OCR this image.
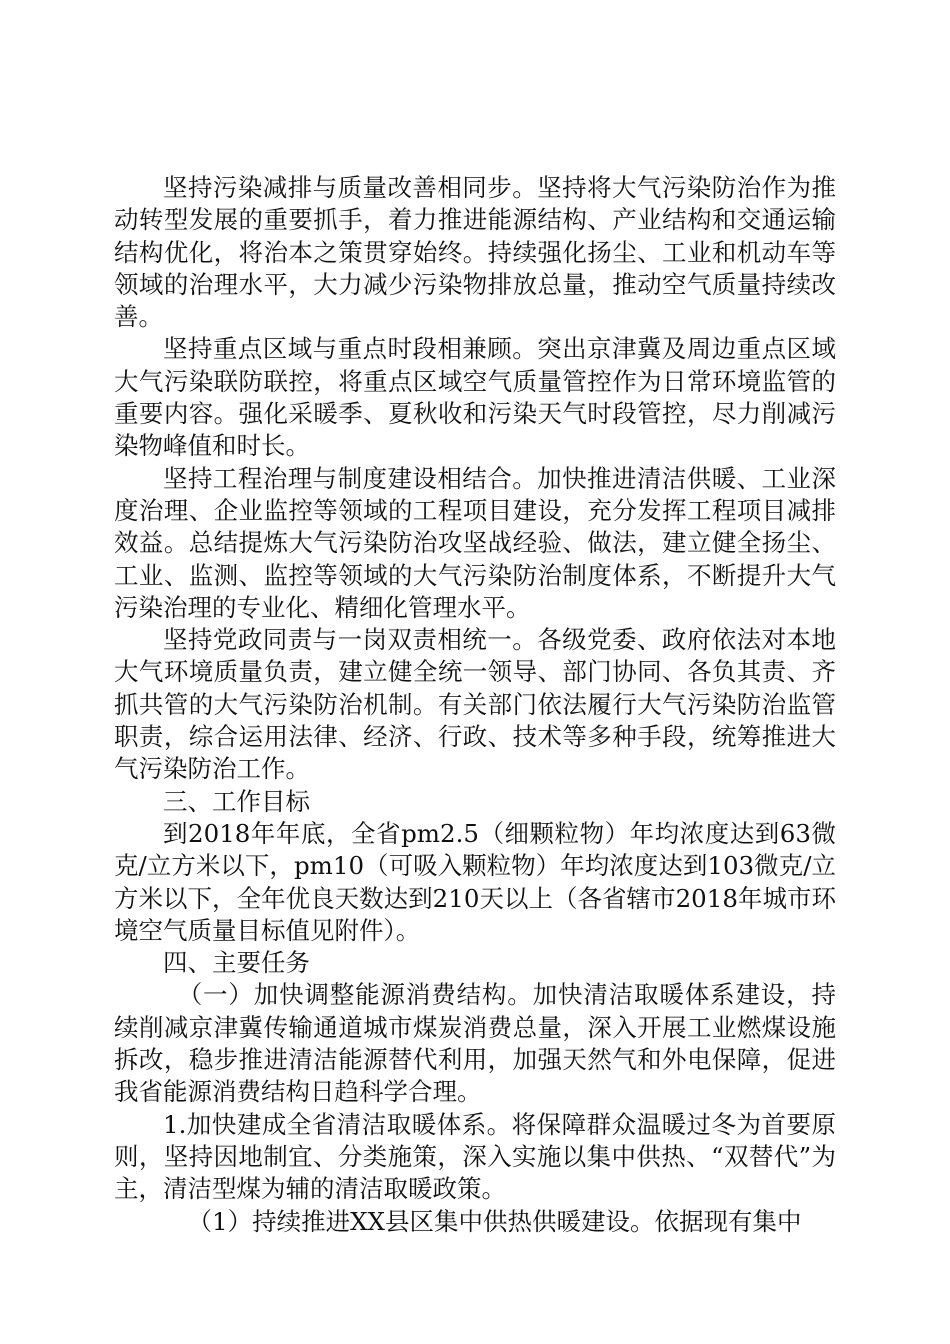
坚持污染减排与质量改善相同步。坚持将大气污染防治作为推动转型发展的重要抓手，着力推进能源结构、产业结构和交通运输结构优化，将治本之策贯穿始终。持续强化扬尘、工业和机动车等领域的治理水平，大力减少污染物排放总量，推动空气质量持续改善。

坚持重点区域与重点时段相兼顾。突出京津冀及周边重点区域大气污染联防联控，将重点区域空气质量管控作为日常环境监管的重要内容。强化采暖季、夏秋收和污染天气时段管控，尽力削减污染物峰值和时长。

坚持工程治理与制度建设相结合。加快推进清洁供暖、工业深度治理、企业监控等领域的工程项目建设，充分发挥工程项目减排效益。总结提炼大气污染防治攻坚战经验、做法，建立健全扬尘、工业、监测、监控等领域的大气污染防治制度体系，不断提升大气污染治理的专业化、精细化管理水平。

坚持党政同责与一岗双责相统一。各级党委、政府依法对本地大气环境质量负责，建立健全统一领导、部门协同、各负其责、齐抓共管的大气污染防治机制。有关部门依法履行大气污染防治监管职责，综合运用法律、经济、行政、技术等多种手段，统筹推进大气污染防治工作。

三、工作目标

到2018年年底，全省pm2.5（细颗粒物）年均浓度达到63微克/立方米以下，pm10（可吸入颗粒物）年均浓度达到103微克/立方米以下，全年优良天数达到210天以上（各省辖市2018年城市环境空气质量目标值见附件）。

四、主要任务

（一）加快调整能源消费结构。加快清洁取暖体系建设，持续削减京津冀传输通道城市煤炭消费总量，深入开展工业燃煤设施拆改，稳步推进清洁能源替代利用，加强天然气和外电保障，促进我省能源消费结构日趋科学合理。

1.加快建成全省清洁取暖体系。将保障群众温暖过冬为首要原则，坚持因地制宜、分类施策，深入实施以集中供热、“双替代”为主，清洁型煤为辅的清洁取暖政策。

（1）持续推进XX县区集中供热供暖建设。依据现有集中
